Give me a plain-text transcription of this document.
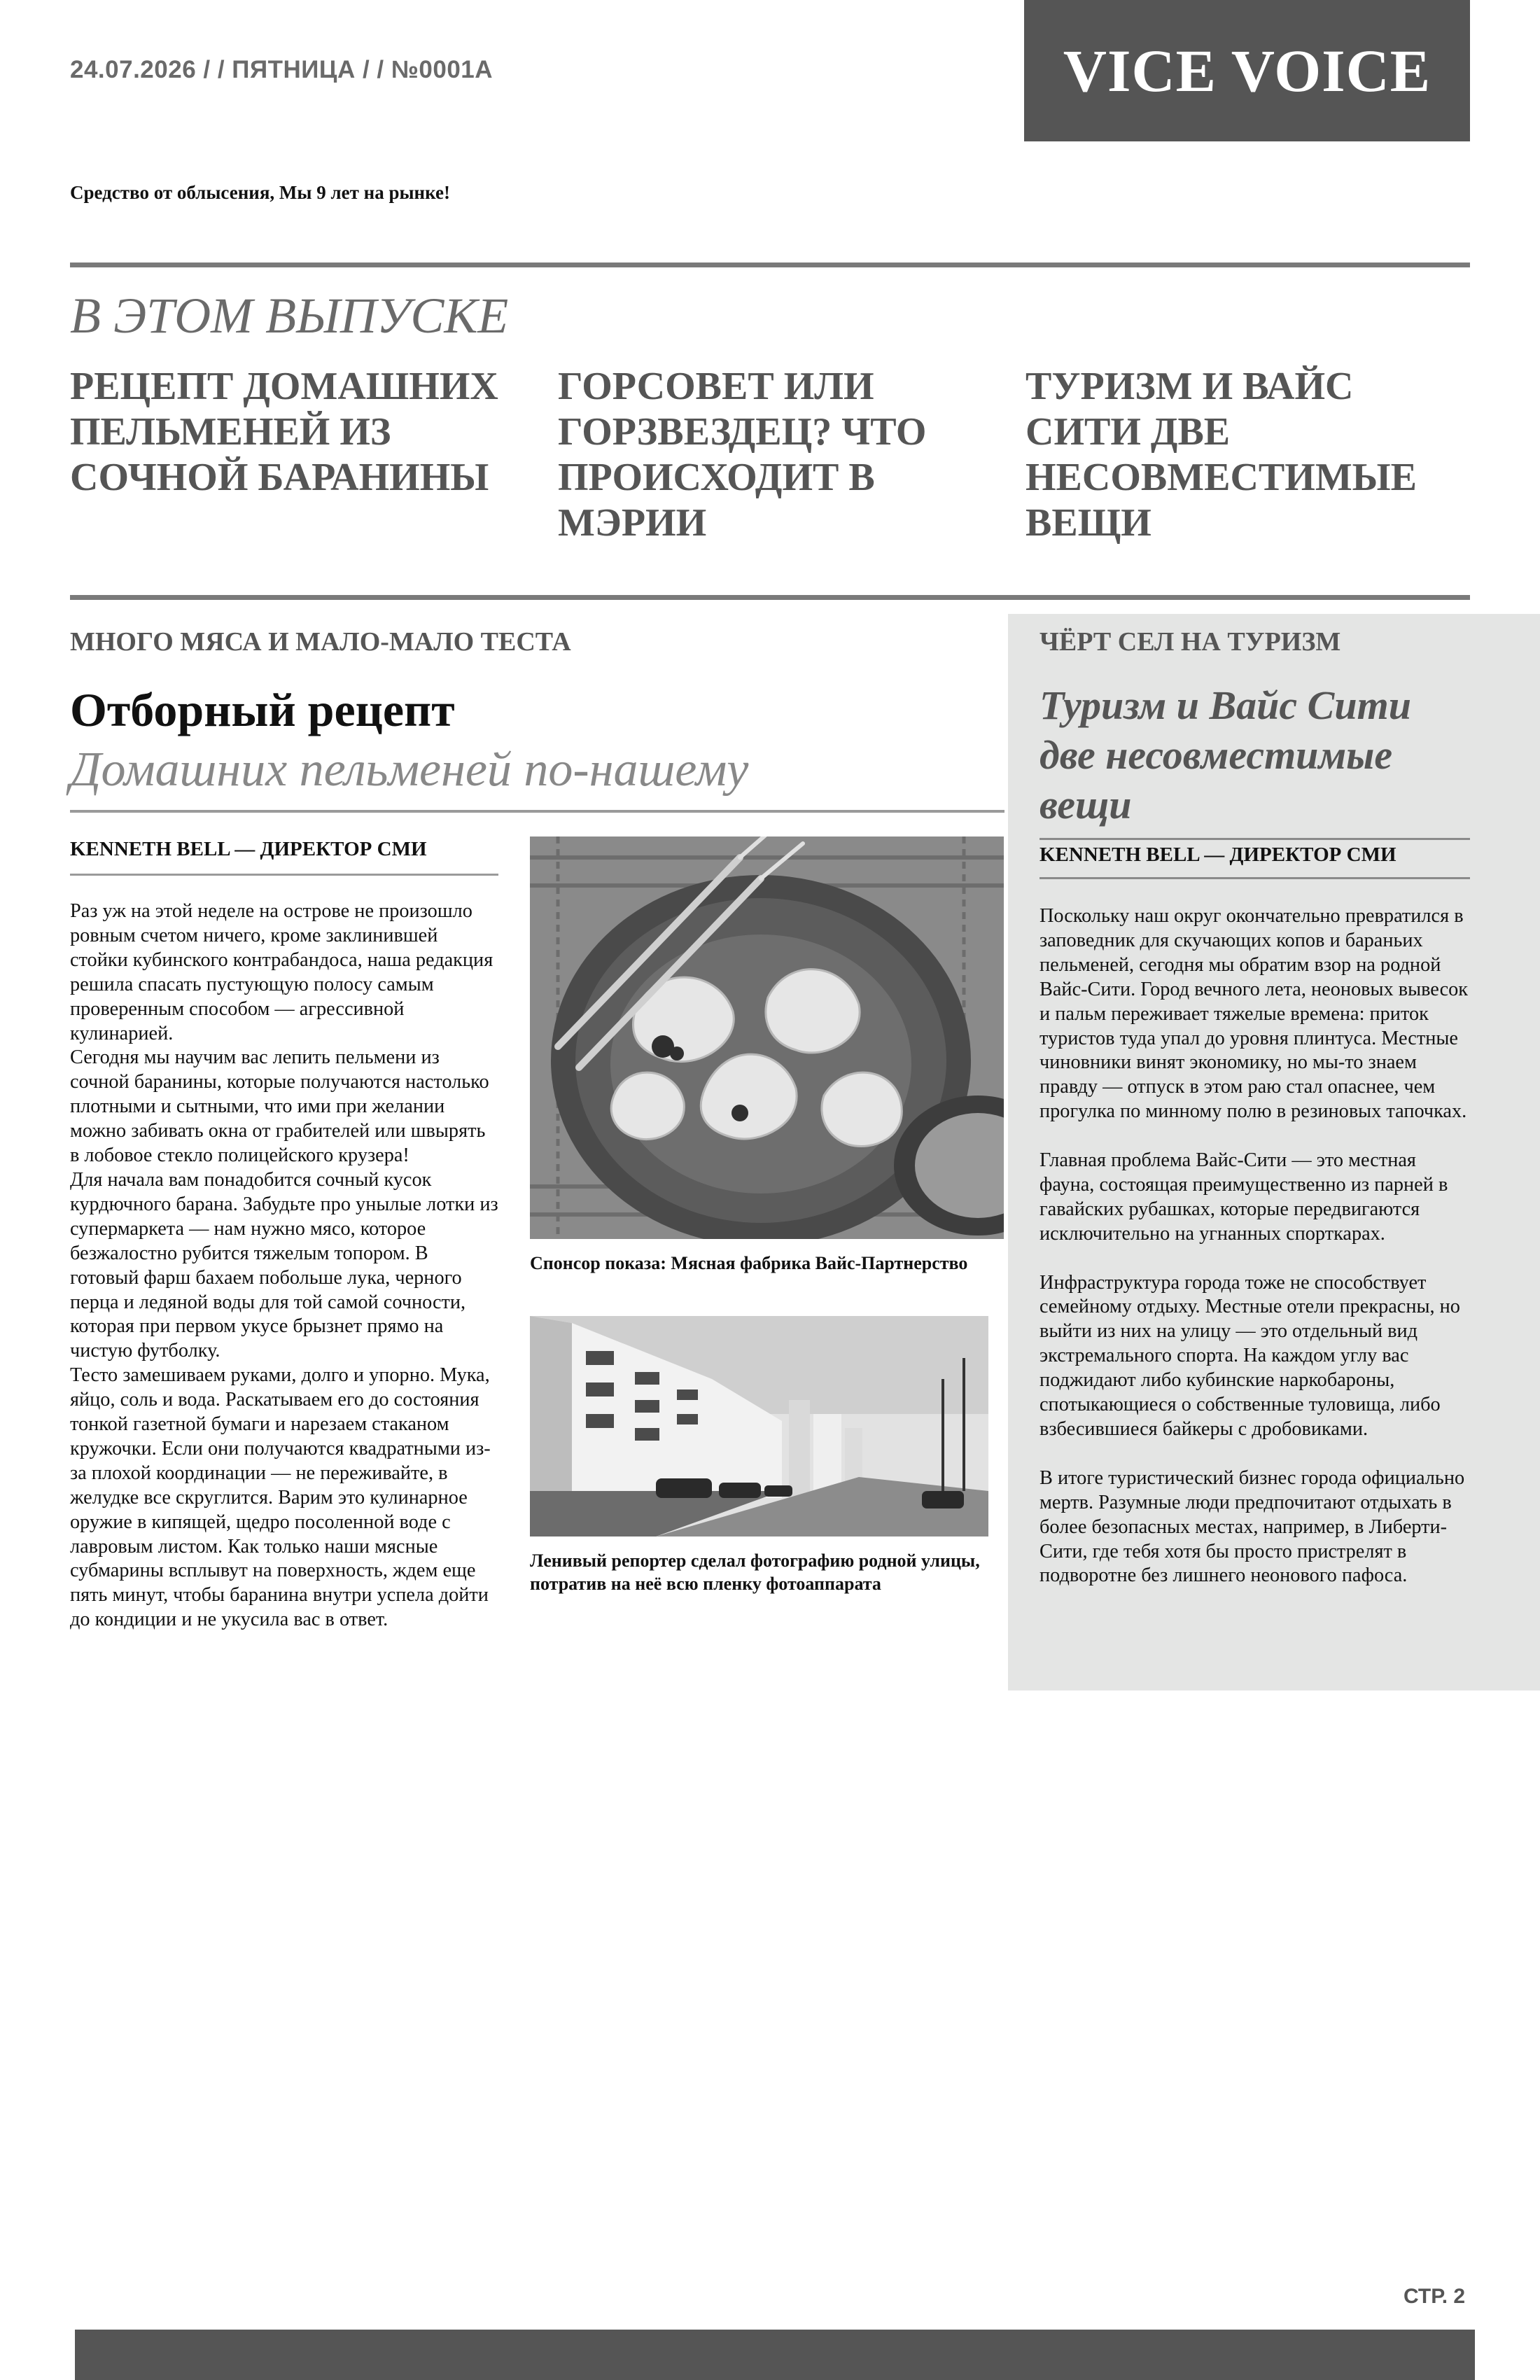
24.07.2026 / / ПЯТНИЦА / / №0001А	VICE VOICE
Средство от облысения, Мы 9 лет на рынке!
В ЭТОМ ВЫПУСКЕ
РЕЦЕПТ ДОМАШНИХ ПЕЛЬМЕНЕЙ ИЗ СОЧНОЙ БАРАНИНЫ
ГОРСОВЕТ ИЛИ ГОРЗВЕЗДЕЦ? ЧТО ПРОИСХОДИТ В МЭРИИ
ТУРИЗМ И ВАЙС СИТИ ДВЕ НЕСОВМЕСТИМЫЕ ВЕЩИ
МНОГО МЯСА И МАЛО-МАЛО ТЕСТА
Отборный рецепт
Домашних пельменей по-нашему
KENNETH BELL — ДИРЕКТОР СМИ

Раз уж на этой неделе на острове не произошло ровным счетом ничего, кроме заклинившей стойки кубинского контрабандоса, наша редакция решила спасать пустующую полосу самым проверенным способом — агрессивной кулинарией.

Сегодня мы научим вас лепить пельмени из сочной баранины, которые получаются настолько плотными и сытными, что ими при желании можно забивать окна от грабителей или швырять в лобовое стекло полицейского крузера!

Для начала вам понадобится сочный кусок курдючного барана. Забудьте про унылые лотки из супермаркета — нам нужно мясо, которое безжалостно рубится тяжелым топором. В готовый фарш бахаем побольше лука, черного перца и ледяной воды для той самой сочности, которая при первом укусе брызнет прямо на чистую футболку.

Тесто замешиваем руками, долго и упорно. Мука, яйцо, соль и вода. Раскатываем его до состояния тонкой газетной бумаги и нарезаем стаканом кружочки. Если они получаются квадратными из-за плохой координации — не переживайте, в желудке все скруглится. Варим это кулинарное оружие в кипящей, щедро посоленной воде с лавровым листом. Как только наши мясные субмарины всплывут на поверхность, ждем еще пять минут, чтобы баранина внутри успела дойти до кондиции и не укусила вас в ответ.

Спонсор показа: Мясная фабрика Вайс-Партнерство
Ленивый репортер сделал фотографию родной улицы, потратив на неё всю пленку фотоаппарата
ЧЁРТ СЕЛ НА ТУРИЗМ
Туризм и Вайс Сити две несовместимые вещи
KENNETH BELL — ДИРЕКТОР СМИ

Поскольку наш округ окончательно превратился в заповедник для скучающих копов и бараньих пельменей, сегодня мы обратим взор на родной Вайс-Сити. Город вечного лета, неоновых вывесок и пальм переживает тяжелые времена: приток туристов туда упал до уровня плинтуса. Местные чиновники винят экономику, но мы-то знаем правду — отпуск в этом раю стал опаснее, чем прогулка по минному полю в резиновых тапочках.

Главная проблема Вайс-Сити — это местная фауна, состоящая преимущественно из парней в гавайских рубашках, которые передвигаются исключительно на угнанных спорткарах.

Инфраструктура города тоже не способствует семейному отдыху. Местные отели прекрасны, но выйти из них на улицу — это отдельный вид экстремального спорта. На каждом углу вас поджидают либо кубинские наркобароны, спотыкающиеся о собственные туловища, либо взбесившиеся байкеры с дробовиками.

В итоге туристический бизнес города официально мертв. Разумные люди предпочитают отдыхать в более безопасных местах, например, в Либерти-Сити, где тебя хотя бы просто пристрелят в подворотне без лишнего неонового пафоса.

СТР. 2
